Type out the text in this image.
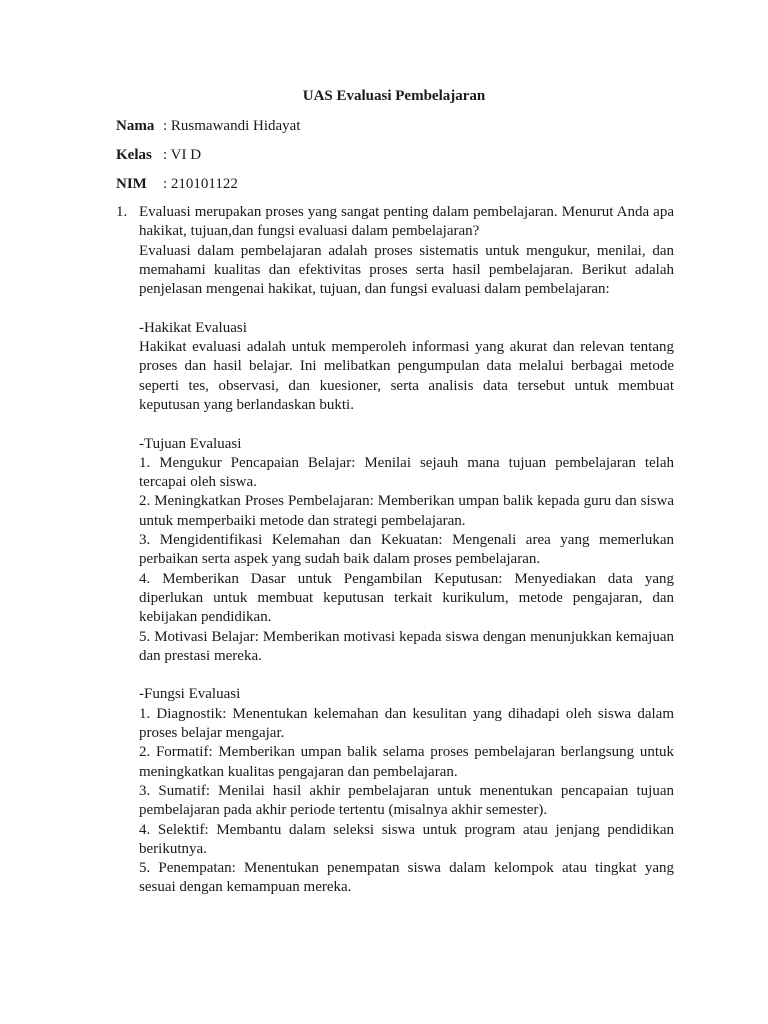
UAS Evaluasi Pembelajaran
Nama : Rusmawandi Hidayat
Kelas : VI D
NIM : 210101122
1. Evaluasi merupakan proses yang sangat penting dalam pembelajaran. Menurut Anda apa hakikat, tujuan,dan fungsi evaluasi dalam pembelajaran?

Evaluasi dalam pembelajaran adalah proses sistematis untuk mengukur, menilai, dan memahami kualitas dan efektivitas proses serta hasil pembelajaran. Berikut adalah penjelasan mengenai hakikat, tujuan, dan fungsi evaluasi dalam pembelajaran:

-Hakikat Evaluasi

Hakikat evaluasi adalah untuk memperoleh informasi yang akurat dan relevan tentang proses dan hasil belajar. Ini melibatkan pengumpulan data melalui berbagai metode seperti tes, observasi, dan kuesioner, serta analisis data tersebut untuk membuat keputusan yang berlandaskan bukti.

-Tujuan Evaluasi

1. Mengukur Pencapaian Belajar: Menilai sejauh mana tujuan pembelajaran telah tercapai oleh siswa.

2. Meningkatkan Proses Pembelajaran: Memberikan umpan balik kepada guru dan siswa untuk memperbaiki metode dan strategi pembelajaran.

3. Mengidentifikasi Kelemahan dan Kekuatan: Mengenali area yang memerlukan perbaikan serta aspek yang sudah baik dalam proses pembelajaran.

4. Memberikan Dasar untuk Pengambilan Keputusan: Menyediakan data yang diperlukan untuk membuat keputusan terkait kurikulum, metode pengajaran, dan kebijakan pendidikan.

5. Motivasi Belajar: Memberikan motivasi kepada siswa dengan menunjukkan kemajuan dan prestasi mereka.

-Fungsi Evaluasi

1. Diagnostik: Menentukan kelemahan dan kesulitan yang dihadapi oleh siswa dalam proses belajar mengajar.

2. Formatif: Memberikan umpan balik selama proses pembelajaran berlangsung untuk meningkatkan kualitas pengajaran dan pembelajaran.

3. Sumatif: Menilai hasil akhir pembelajaran untuk menentukan pencapaian tujuan pembelajaran pada akhir periode tertentu (misalnya akhir semester).

4. Selektif: Membantu dalam seleksi siswa untuk program atau jenjang pendidikan berikutnya.

5. Penempatan: Menentukan penempatan siswa dalam kelompok atau tingkat yang sesuai dengan kemampuan mereka.
